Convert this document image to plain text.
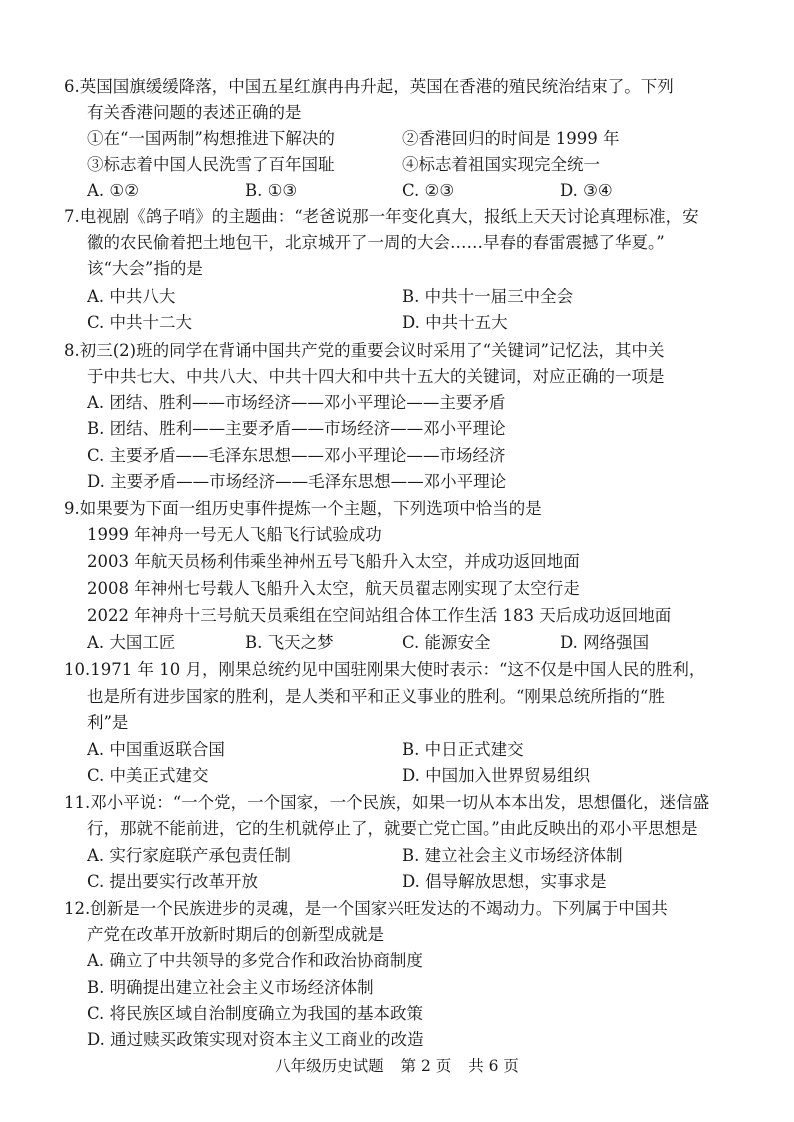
6.英国国旗缓缓降落，中国五星红旗冉冉升起，英国在香港的殖民统治结束了。下列
有关香港问题的表述正确的是
①在“一国两制”构想推进下解决的	②香港回归的时间是 1999 年
③标志着中国人民洗雪了百年国耻	④标志着祖国实现完全统一
A. ①②	B. ①③	C. ②③	D. ③④
7.电视剧《鸽子哨》的主题曲：“老爸说那一年变化真大，报纸上天天讨论真理标准，安
徽的农民偷着把土地包干，北京城开了一周的大会……早春的春雷震撼了华夏。”
该“大会”指的是
A. 中共八大	B. 中共十一届三中全会
C. 中共十二大	D. 中共十五大
8.初三(2)班的同学在背诵中国共产党的重要会议时采用了“关键词”记忆法，其中关
于中共七大、中共八大、中共十四大和中共十五大的关键词，对应正确的一项是
A. 团结、胜利——市场经济——邓小平理论——主要矛盾
B. 团结、胜利——主要矛盾——市场经济——邓小平理论
C. 主要矛盾——毛泽东思想——邓小平理论——市场经济
D. 主要矛盾——市场经济——毛泽东思想——邓小平理论
9.如果要为下面一组历史事件提炼一个主题，下列选项中恰当的是
1999 年神舟一号无人飞船飞行试验成功
2003 年航天员杨利伟乘坐神州五号飞船升入太空，并成功返回地面
2008 年神州七号载人飞船升入太空，航天员翟志刚实现了太空行走
2022 年神舟十三号航天员乘组在空间站组合体工作生活 183 天后成功返回地面
A. 大国工匠	B. 飞天之梦	C. 能源安全	D. 网络强国
10.1971 年 10 月，刚果总统约见中国驻刚果大使时表示：“这不仅是中国人民的胜利，
也是所有进步国家的胜利，是人类和平和正义事业的胜利。“刚果总统所指的“胜
利”是
A. 中国重返联合国	B. 中日正式建交
C. 中美正式建交	D. 中国加入世界贸易组织
11.邓小平说：“一个党，一个国家，一个民族，如果一切从本本出发，思想僵化，迷信盛
行，那就不能前进，它的生机就停止了，就要亡党亡国。”由此反映出的邓小平思想是
A. 实行家庭联产承包责任制	B. 建立社会主义市场经济体制
C. 提出要实行改革开放	D. 倡导解放思想，实事求是
12.创新是一个民族进步的灵魂，是一个国家兴旺发达的不竭动力。下列属于中国共
产党在改革开放新时期后的创新型成就是
A. 确立了中共领导的多党合作和政治协商制度
B. 明确提出建立社会主义市场经济体制
C. 将民族区域自治制度确立为我国的基本政策
D. 通过赎买政策实现对资本主义工商业的改造
八年级历史试题 第 2 页 共 6 页
